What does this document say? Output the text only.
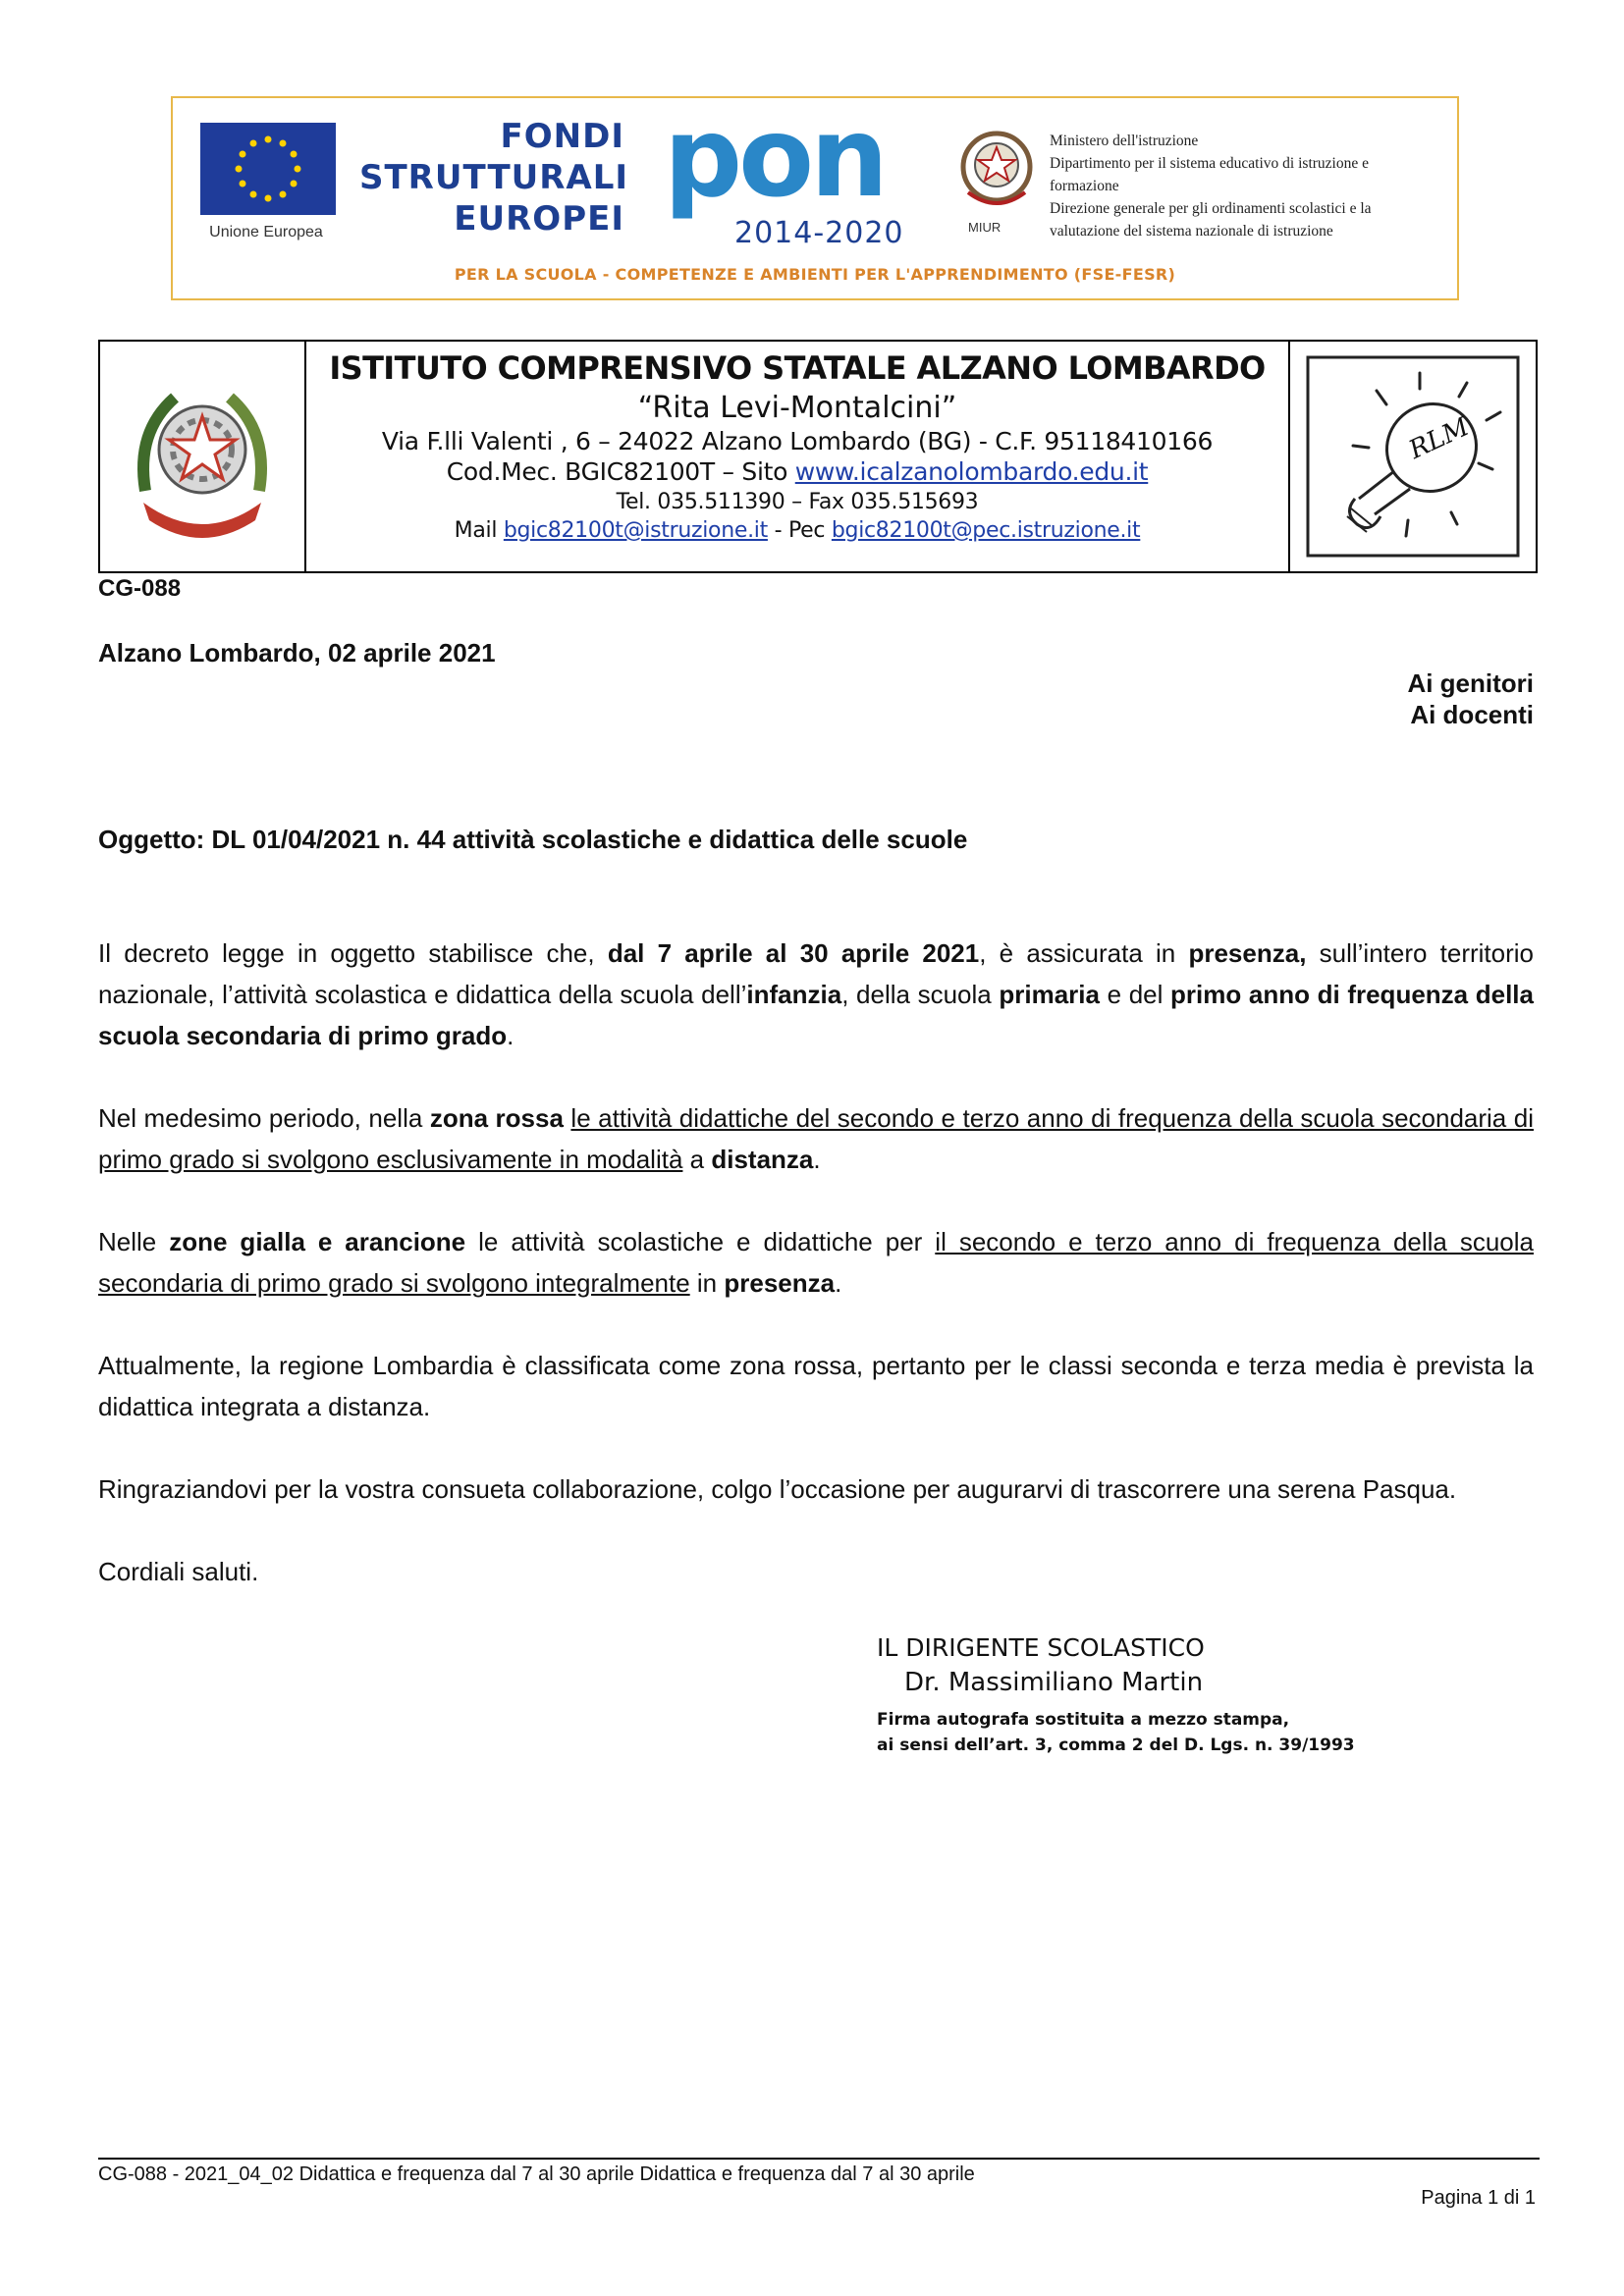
Unione Europea
FONDI
STRUTTURALI
EUROPEI pon
2014-2020	MIUR
Ministero dell'istruzione
Dipartimento per il sistema educativo di istruzione e
formazione
Direzione generale per gli ordinamenti scolastici e la
valutazione del sistema nazionale di istruzione
PER LA SCUOLA - COMPETENZE E AMBIENTI PER L'APPRENDIMENTO (FSE-FESR)
ISTITUTO COMPRENSIVO STATALE ALZANO LOMBARDO
“Rita Levi-Montalcini”
Via F.lli Valenti , 6 – 24022 Alzano Lombardo (BG) - C.F. 95118410166
Cod.Mec. BGIC82100T – Sito www.icalzanolombardo.edu.it
Tel. 035.511390 – Fax 035.515693
Mail bgic82100t@istruzione.it - Pec bgic82100t@pec.istruzione.it
RLM
CG-088
Alzano Lombardo, 02 aprile 2021
Ai genitori
Ai docenti
Oggetto: DL 01/04/2021 n. 44 attività scolastiche e didattica delle scuole
Il decreto legge in oggetto stabilisce che, dal 7 aprile al 30 aprile 2021, è assicurata in presenza, sull’intero territorio nazionale, l’attività scolastica e didattica della scuola dell’infanzia, della scuola primaria e del primo anno di frequenza della scuola secondaria di primo grado.
Nel medesimo periodo, nella zona rossa le attività didattiche del secondo e terzo anno di frequenza della scuola secondaria di primo grado si svolgono esclusivamente in modalità a distanza.
Nelle zone gialla e arancione le attività scolastiche e didattiche per il secondo e terzo anno di frequenza della scuola secondaria di primo grado si svolgono integralmente in presenza.
Attualmente, la regione Lombardia è classificata come zona rossa, pertanto per le classi seconda e terza media è prevista la didattica integrata a distanza.
Ringraziandovi per la vostra consueta collaborazione, colgo l’occasione per augurarvi di trascorrere una serena Pasqua.
Cordiali saluti.
IL DIRIGENTE SCOLASTICO
Dr. Massimiliano Martin
Firma autografa sostituita a mezzo stampa,
ai sensi dell’art. 3, comma 2 del D. Lgs. n. 39/1993
CG-088 - 2021_04_02 Didattica e frequenza dal 7 al 30 aprile Didattica e frequenza dal 7 al 30 aprile
Pagina 1 di 1
